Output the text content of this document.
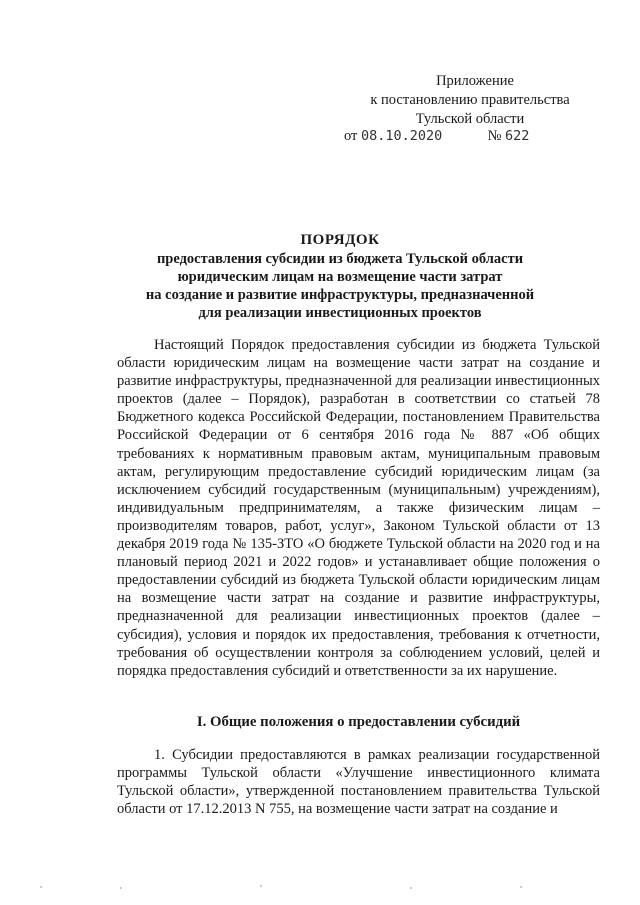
Приложение
к постановлению правительства
Тульской области
от 08.10.2020	№ 622
ПОРЯДОК
предоставления субсидии из бюджета Тульской области
юридическим лицам на возмещение части затрат
на создание и развитие инфраструктуры, предназначенной
для реализации инвестиционных проектов
Настоящий Порядок предоставления субсидии из бюджета Тульской области юридическим лицам на возмещение части затрат на создание и развитие инфраструктуры, предназначенной для реализации инвестиционных проектов (далее – Порядок), разработан в соответствии со статьей 78 Бюджетного кодекса Российской Федерации, постановлением Правительства Российской Федерации от 6 сентября 2016 года № 887 «Об общих требованиях к нормативным правовым актам, муниципальным правовым актам, регулирующим предоставление субсидий юридическим лицам (за исключением субсидий государственным (муниципальным) учреждениям), индивидуальным предпринимателям, а также физическим лицам – производителям товаров, работ, услуг», Законом Тульской области от 13 декабря 2019 года № 135-ЗТО «О бюджете Тульской области на 2020 год и на плановый период 2021 и 2022 годов» и устанавливает общие положения о предоставлении субсидий из бюджета Тульской области юридическим лицам на возмещение части затрат на создание и развитие инфраструктуры, предназначенной для реализации инвестиционных проектов (далее – субсидия), условия и порядок их предоставления, требования к отчетности, требования об осуществлении контроля за соблюдением условий, целей и порядка предоставления субсидий и ответственности за их нарушение.
I. Общие положения о предоставлении субсидий
1. Субсидии предоставляются в рамках реализации государственной программы Тульской области «Улучшение инвестиционного климата Тульской области», утвержденной постановлением правительства Тульской области от 17.12.2013 N 755, на возмещение части затрат на создание и
